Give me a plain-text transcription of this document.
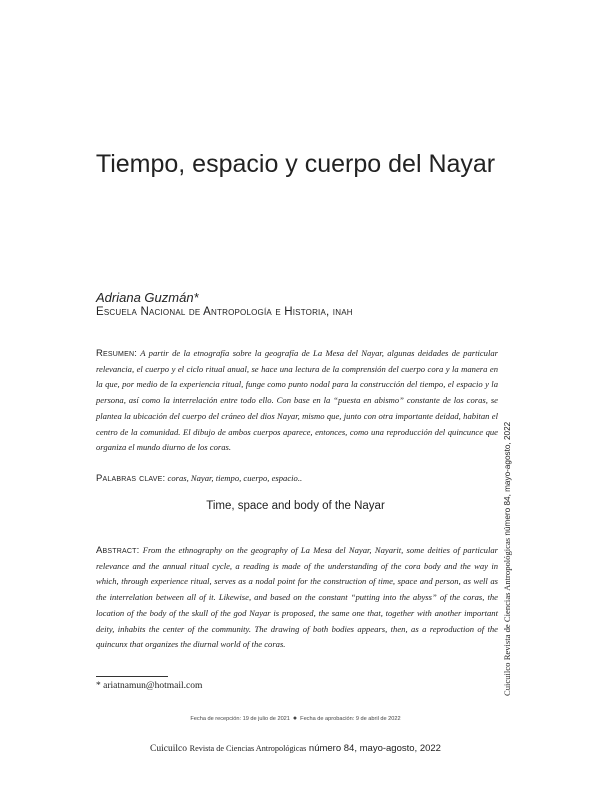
Tiempo, espacio y cuerpo del Nayar
Adriana Guzmán*
Escuela Nacional de Antropología e Historia, inah

Resumen: A partir de la etnografía sobre la geografía de La Mesa del Nayar, algunas deidades de particular relevancia, el cuerpo y el ciclo ritual anual, se hace una lectura de la comprensión del cuerpo cora y la manera en la que, por medio de la experiencia ritual, funge como punto nodal para la construcción del tiempo, el espacio y la persona, así como la interrelación entre todo ello. Con base en la “puesta en abismo” constante de los coras, se plantea la ubicación del cuerpo del cráneo del dios Nayar, mismo que, junto con otra importante deidad, habitan el centro de la comunidad. El dibujo de ambos cuerpos aparece, entonces, como una reproducción del quincunce que organiza el mundo diurno de los coras.

Palabras clave: coras, Nayar, tiempo, cuerpo, espacio..
Time, space and body of the Nayar

Abstract: From the ethnography on the geography of La Mesa del Nayar, Nayarit, some deities of particular relevance and the annual ritual cycle, a reading is made of the understanding of the cora body and the way in which, through experience ritual, serves as a nodal point for the construction of time, space and person, as well as the interrelation between all of it. Likewise, and based on the constant “putting into the abyss” of the coras, the location of the body of the skull of the god Nayar is proposed, the same one that, together with another important deity, inhabits the center of the community. The drawing of both bodies appears, then, as a reproduction of the quincunx that organizes the diurnal world of the coras.

* ariatnamun@hotmail.com
Fecha de recepción: 19 de julio de 2021 ● Fecha de aprobación: 9 de abril de 2022
Cuicuilco Revista de Ciencias Antropológicas número 84, mayo-agosto, 2022
Cuicuilco Revista de Ciencias Antropológicas número 84, mayo-agosto, 2022
